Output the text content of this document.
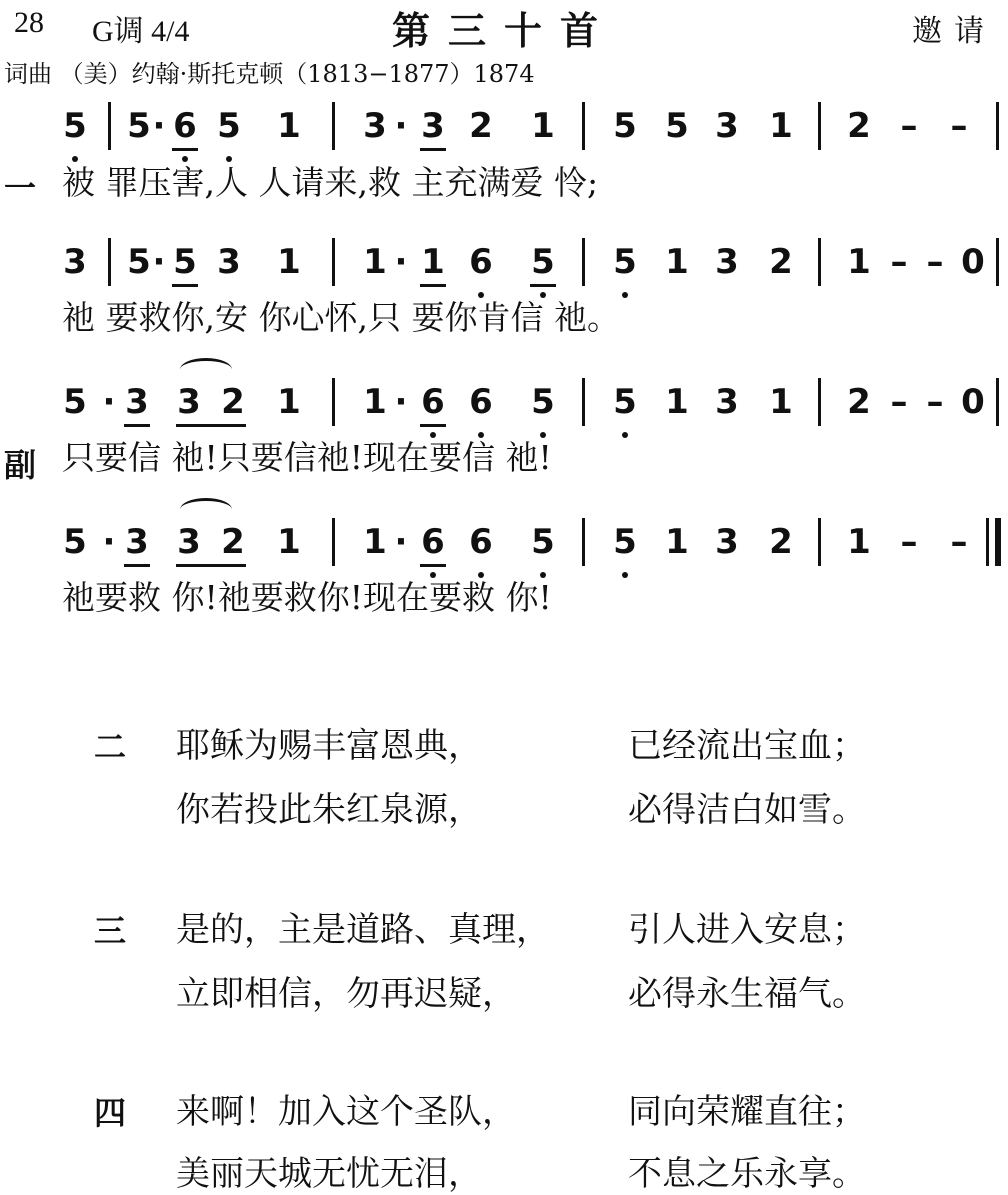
28 G调 4/4	第三十首	邀请
词曲 （美）约翰·斯托克顿（1813−1877）1874
5 5 · 6 5 1 3 · 3 2 1 5 5 3 1 2 – –
一 被 罪压害,人 人请来,救 主充满爱 怜;
3 5 · 5 3 1 1 · 1 6 5 5 1 3 2 1 – – 0
祂 要救你,安 你心怀,只 要你肯信 祂。
5 · 3 3 2 1 1 · 6 6 5 5 1 3 1 2 – – 0
副 只要信 祂!只要信祂!现在要信 祂!
5 · 3 3 2 1 1 · 6 6 5 5 1 3 2 1 – –
祂要救 你!祂要救你!现在要救 你!
二 耶稣为赐丰富恩典，	已经流出宝血；
你若投此朱红泉源，	必得洁白如雪。
三 是的，主是道路、真理， 引人进入安息；
立即相信，勿再迟疑，	必得永生福气。
四 来啊！加入这个圣队，	同向荣耀直往；
美丽天城无忧无泪，	不息之乐永享。
